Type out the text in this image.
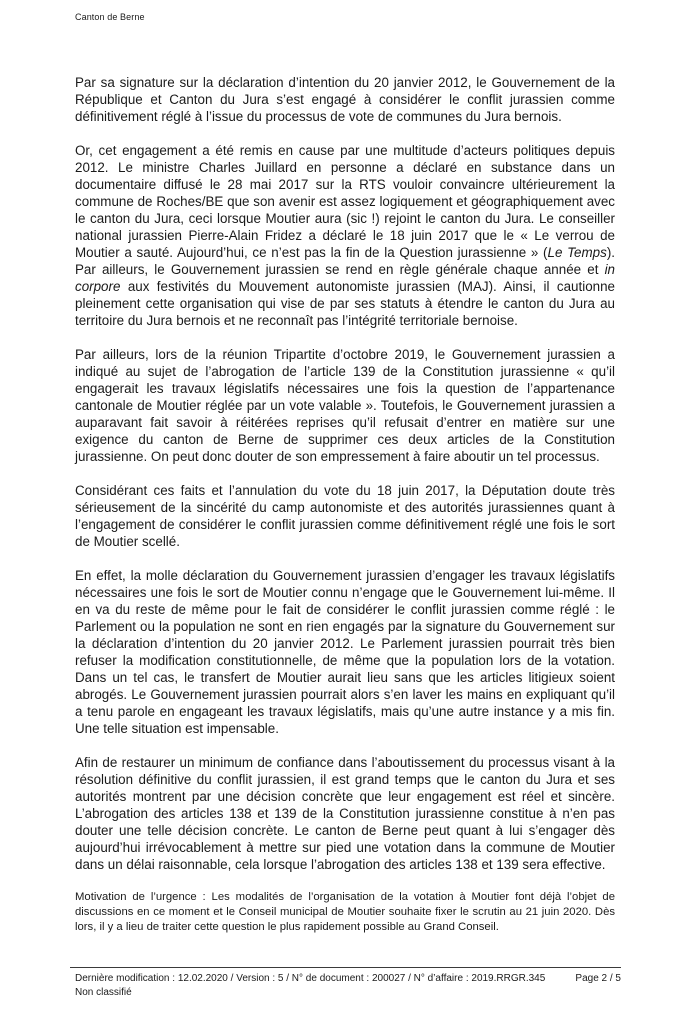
Canton de Berne

Par sa signature sur la déclaration d’intention du 20 janvier 2012, le Gouvernement de la République et Canton du Jura s’est engagé à considérer le conflit jurassien comme définitivement réglé à l’issue du processus de vote de communes du Jura bernois.

Or, cet engagement a été remis en cause par une multitude d’acteurs politiques depuis 2012. Le ministre Charles Juillard en personne a déclaré en substance dans un documentaire diffusé le 28 mai 2017 sur la RTS vouloir convaincre ultérieurement la commune de Roches/BE que son avenir est assez logiquement et géographiquement avec le canton du Jura, ceci lorsque Moutier aura (sic !) rejoint le canton du Jura. Le conseiller national jurassien Pierre-Alain Fridez a déclaré le 18 juin 2017 que le « Le verrou de Moutier a sauté. Aujourd’hui, ce n’est pas la fin de la Question jurassienne » (Le Temps). Par ailleurs, le Gouvernement jurassien se rend en règle générale chaque année et in corpore aux festivités du Mouvement autonomiste jurassien (MAJ). Ainsi, il cautionne pleinement cette organisation qui vise de par ses statuts à étendre le canton du Jura au territoire du Jura bernois et ne reconnaît pas l’intégrité territoriale bernoise.

Par ailleurs, lors de la réunion Tripartite d’octobre 2019, le Gouvernement jurassien a indiqué au sujet de l’abrogation de l’article 139 de la Constitution jurassienne « qu’il engagerait les travaux législatifs nécessaires une fois la question de l’appartenance cantonale de Moutier réglée par un vote valable ». Toutefois, le Gouvernement jurassien a auparavant fait savoir à réitérées reprises qu’il refusait d’entrer en matière sur une exigence du canton de Berne de supprimer ces deux articles de la Constitution jurassienne. On peut donc douter de son empressement à faire aboutir un tel processus.

Considérant ces faits et l’annulation du vote du 18 juin 2017, la Députation doute très sérieusement de la sincérité du camp autonomiste et des autorités jurassiennes quant à l’engagement de considérer le conflit jurassien comme définitivement réglé une fois le sort de Moutier scellé.

En effet, la molle déclaration du Gouvernement jurassien d’engager les travaux législatifs nécessaires une fois le sort de Moutier connu n’engage que le Gouvernement lui-même. Il en va du reste de même pour le fait de considérer le conflit jurassien comme réglé : le Parlement ou la population ne sont en rien engagés par la signature du Gouvernement sur la déclaration d’intention du 20 janvier 2012. Le Parlement jurassien pourrait très bien refuser la modification constitutionnelle, de même que la population lors de la votation. Dans un tel cas, le transfert de Moutier aurait lieu sans que les articles litigieux soient abrogés. Le Gouvernement jurassien pourrait alors s’en laver les mains en expliquant qu’il a tenu parole en engageant les travaux législatifs, mais qu’une autre instance y a mis fin. Une telle situation est impensable.

Afin de restaurer un minimum de confiance dans l’aboutissement du processus visant à la résolution définitive du conflit jurassien, il est grand temps que le canton du Jura et ses autorités montrent par une décision concrète que leur engagement est réel et sincère. L’abrogation des articles 138 et 139 de la Constitution jurassienne constitue à n’en pas douter une telle décision concrète. Le canton de Berne peut quant à lui s’engager dès aujourd’hui irrévocablement à mettre sur pied une votation dans la commune de Moutier dans un délai raisonnable, cela lorsque l’abrogation des articles 138 et 139 sera effective.

Motivation de l’urgence : Les modalités de l’organisation de la votation à Moutier font déjà l’objet de discussions en ce moment et le Conseil municipal de Moutier souhaite fixer le scrutin au 21 juin 2020. Dès lors, il y a lieu de traiter cette question le plus rapidement possible au Grand Conseil.

Dernière modification : 12.02.2020 / Version : 5 / N° de document : 200027 / N° d’affaire : 2019.RRGR.345	Page 2 / 5
Non classifié
